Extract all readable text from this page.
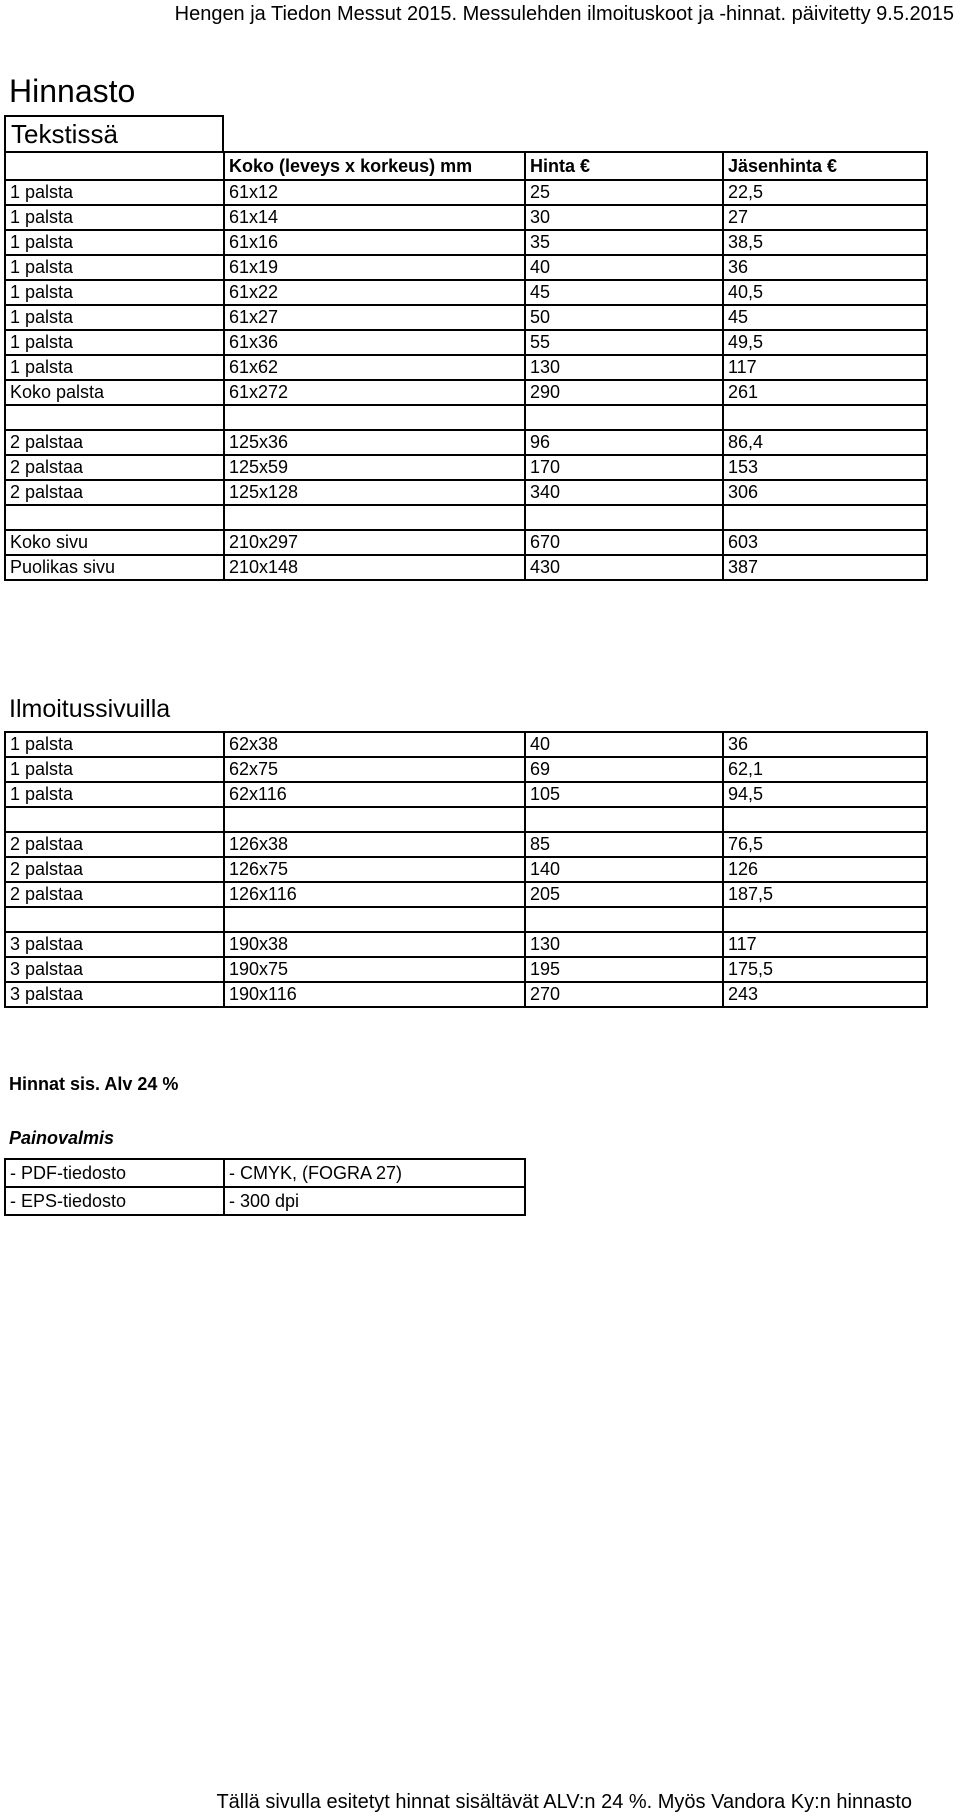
Hengen ja Tiedon Messut 2015. Messulehden ilmoituskoot ja -hinnat. päivitetty 9.5.2015
Hinnasto
Tekstissä
	Koko (leveys x korkeus) mm	Hinta €	Jäsenhinta €
1 palsta	61x12	25	22,5
1 palsta	61x14	30	27
1 palsta	61x16	35	38,5
1 palsta	61x19	40	36
1 palsta	61x22	45	40,5
1 palsta	61x27	50	45
1 palsta	61x36	55	49,5
1 palsta	61x62	130	117
Koko palsta	61x272	290	261

2 palstaa	125x36	96	86,4
2 palstaa	125x59	170	153
2 palstaa	125x128	340	306

Koko sivu	210x297	670	603
Puolikas sivu	210x148	430	387
Ilmoitussivuilla
1 palsta	62x38	40	36
1 palsta	62x75	69	62,1
1 palsta	62x116	105	94,5

2 palstaa	126x38	85	76,5
2 palstaa	126x75	140	126
2 palstaa	126x116	205	187,5

3 palstaa	190x38	130	117
3 palstaa	190x75	195	175,5
3 palstaa	190x116	270	243
Hinnat sis. Alv 24 %
Painovalmis
- PDF-tiedosto	- CMYK, (FOGRA 27)
- EPS-tiedosto	- 300 dpi
Tällä sivulla esitetyt hinnat sisältävät ALV:n 24 %. Myös Vandora Ky:n hinnasto
